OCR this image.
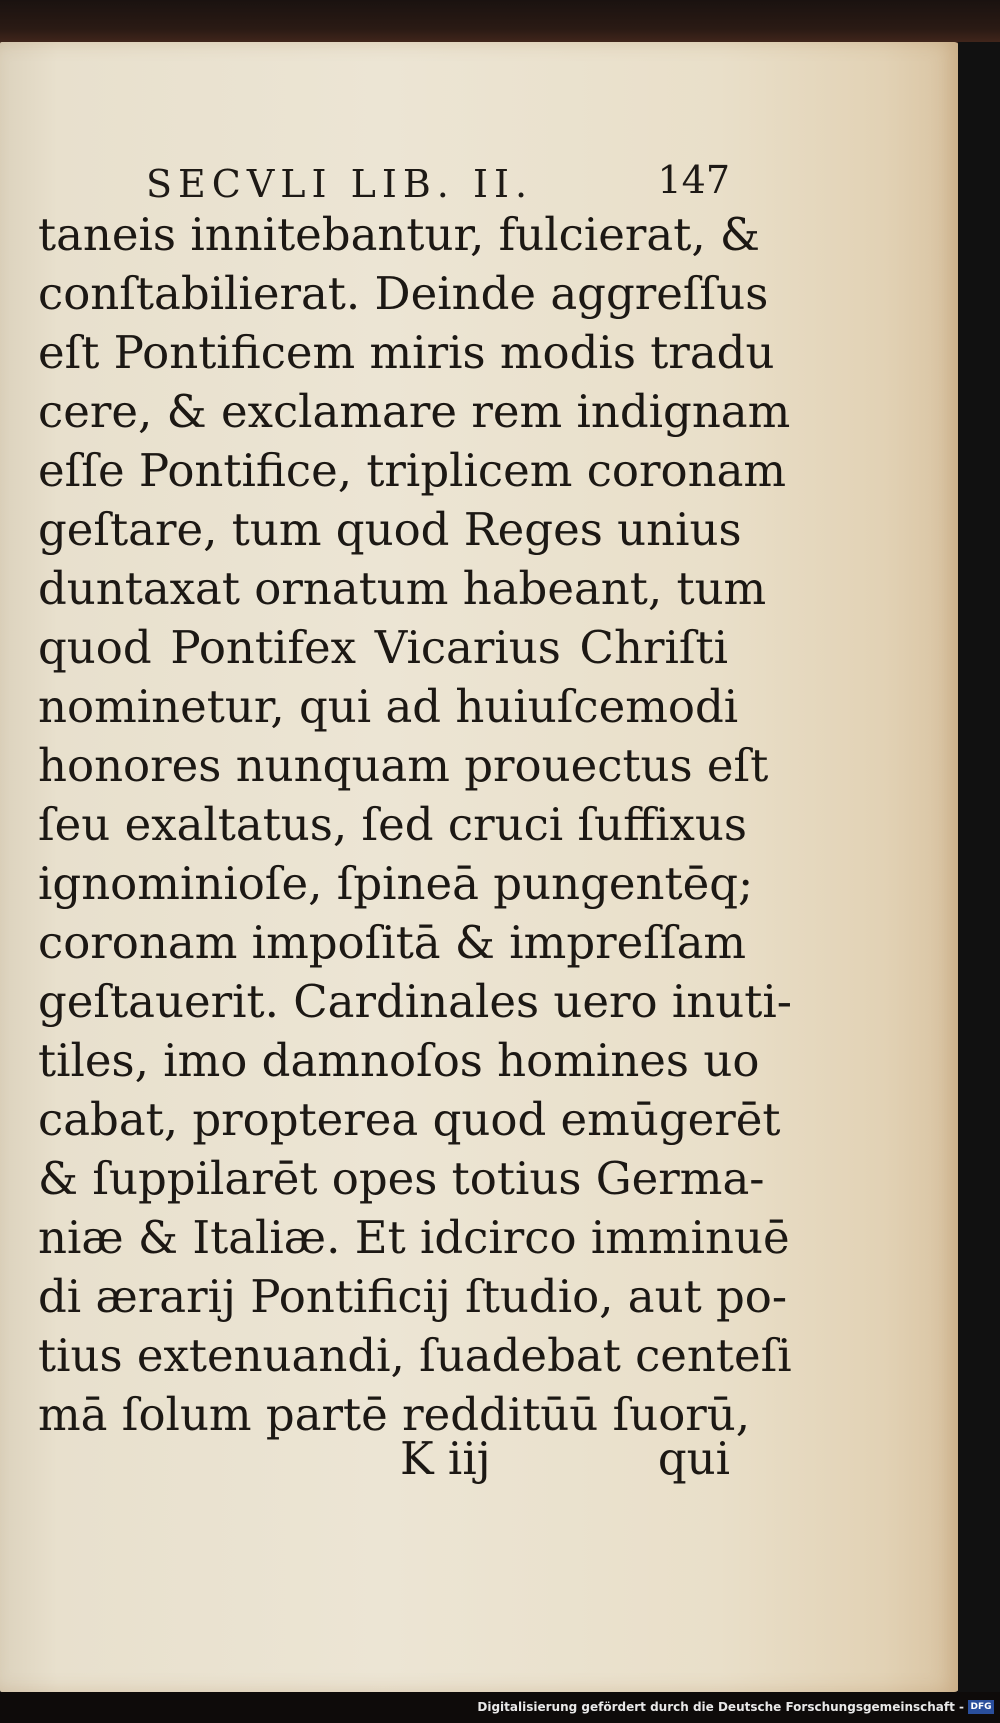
SECVLI LIB. II.	147
taneis innitebantur, fulcierat, &
conſtabilierat. Deinde aggreſſus
eſt Pontificem miris modis tradu
cere, & exclamare rem indignam
eſſe Pontifice, triplicem coronam
geſtare, tum quod Reges unius
duntaxat ornatum habeant, tum
quod Pontifex Vicarius Chriſti
nominetur, qui ad huiuſcemodi
honores nunquam prouectus eſt
ſeu exaltatus, ſed cruci ſuffixus
ignominioſe, ſpineā pungentēq;
coronam impoſitā & impreſſam
geſtauerit. Cardinales uero inuti-
tiles, imo damnoſos homines uo
cabat, propterea quod emūgerēt
& ſuppilarēt opes totius Germa-
niæ & Italiæ. Et idcirco imminuē
di ærarij Pontificij ſtudio, aut po-
tius extenuandi, ſuadebat centeſi
mā ſolum partē redditūū ſuorū,
K iij	qui
Digitalisierung gefördert durch die Deutsche Forschungsgemeinschaft - DFG
